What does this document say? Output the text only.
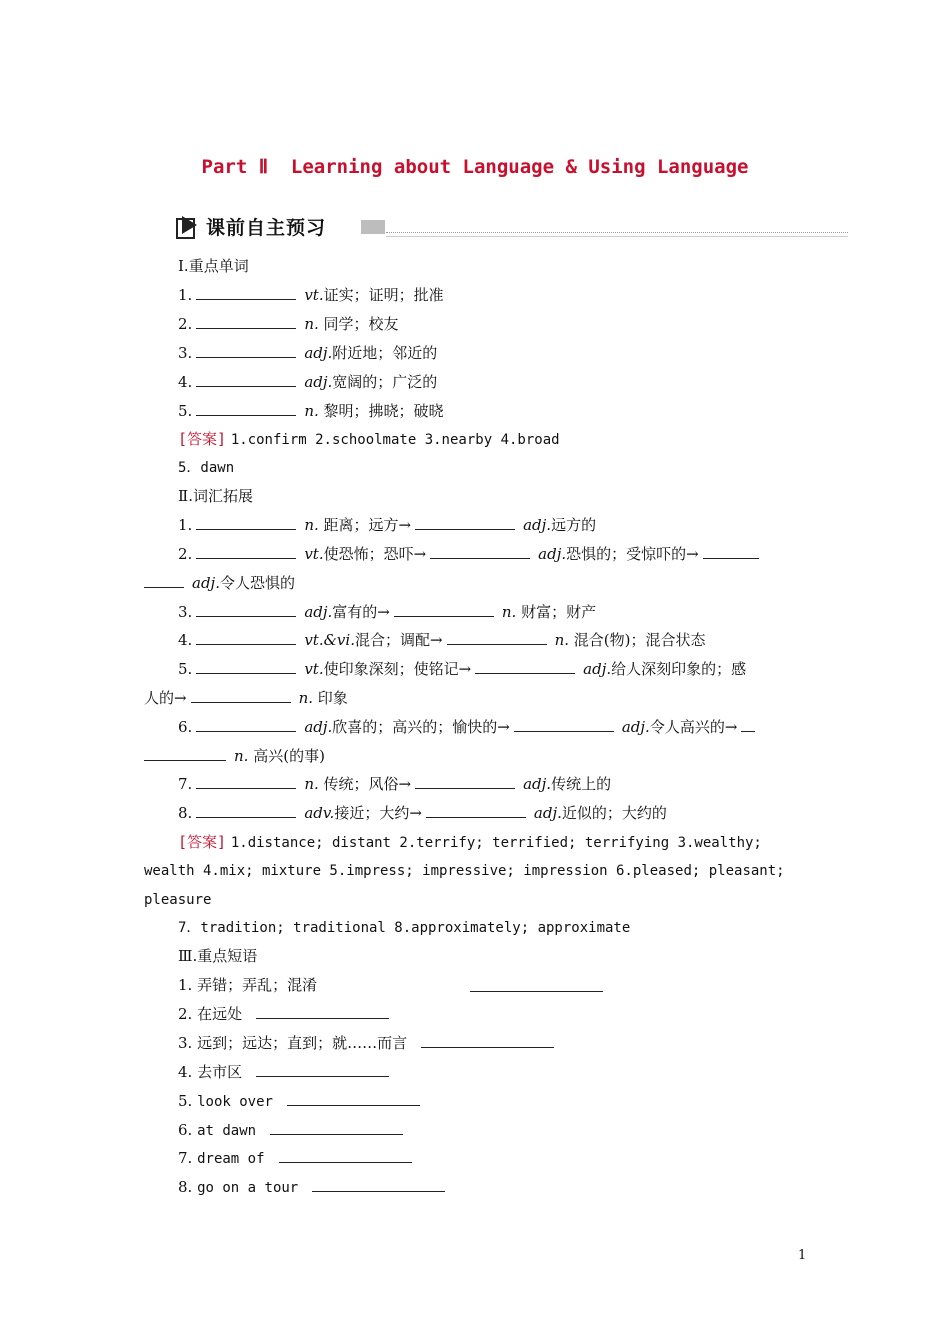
Part Ⅱ  Learning about Language & Using Language
课前自主预习
Ⅰ.重点单词
1.	vt.证实；证明；批准
2.	n. 同学；校友
3.	adj.附近地；邻近的
4.	adj.宽阔的；广泛的
5.	n. 黎明；拂晓；破晓
[答案] 1.confirm 2.schoolmate 3.nearby 4.broad
5．dawn
Ⅱ.词汇拓展
1.	n. 距离；远方→	adj.远方的
2.	vt.使恐怖；恐吓→	adj.恐惧的；受惊吓的→
adj.令人恐惧的
3.	adj.富有的→	n. 财富；财产
4.	vt.&vi.混合；调配→	n. 混合(物)；混合状态
5.	vt.使印象深刻；使铭记→	adj.给人深刻印象的；感
人的→	n. 印象
6.	adj.欣喜的；高兴的；愉快的→	adj.令人高兴的→
n. 高兴(的事)
7.	n. 传统；风俗→	adj.传统上的
8.	adv.接近；大约→	adj.近似的；大约的
[答案] 1.distance; distant 2.terrify; terrified; terrifying 3.wealthy;
wealth 4.mix; mixture 5.impress; impressive; impression 6.pleased; pleasant;
pleasure
7．tradition; traditional 8.approximately; approximate
Ⅲ.重点短语
1. 弄错；弄乱；混淆
2. 在远处
3. 远到；远达；直到；就……而言
4. 去市区
5. look over
6. at dawn
7. dream of
8. go on a tour
1
